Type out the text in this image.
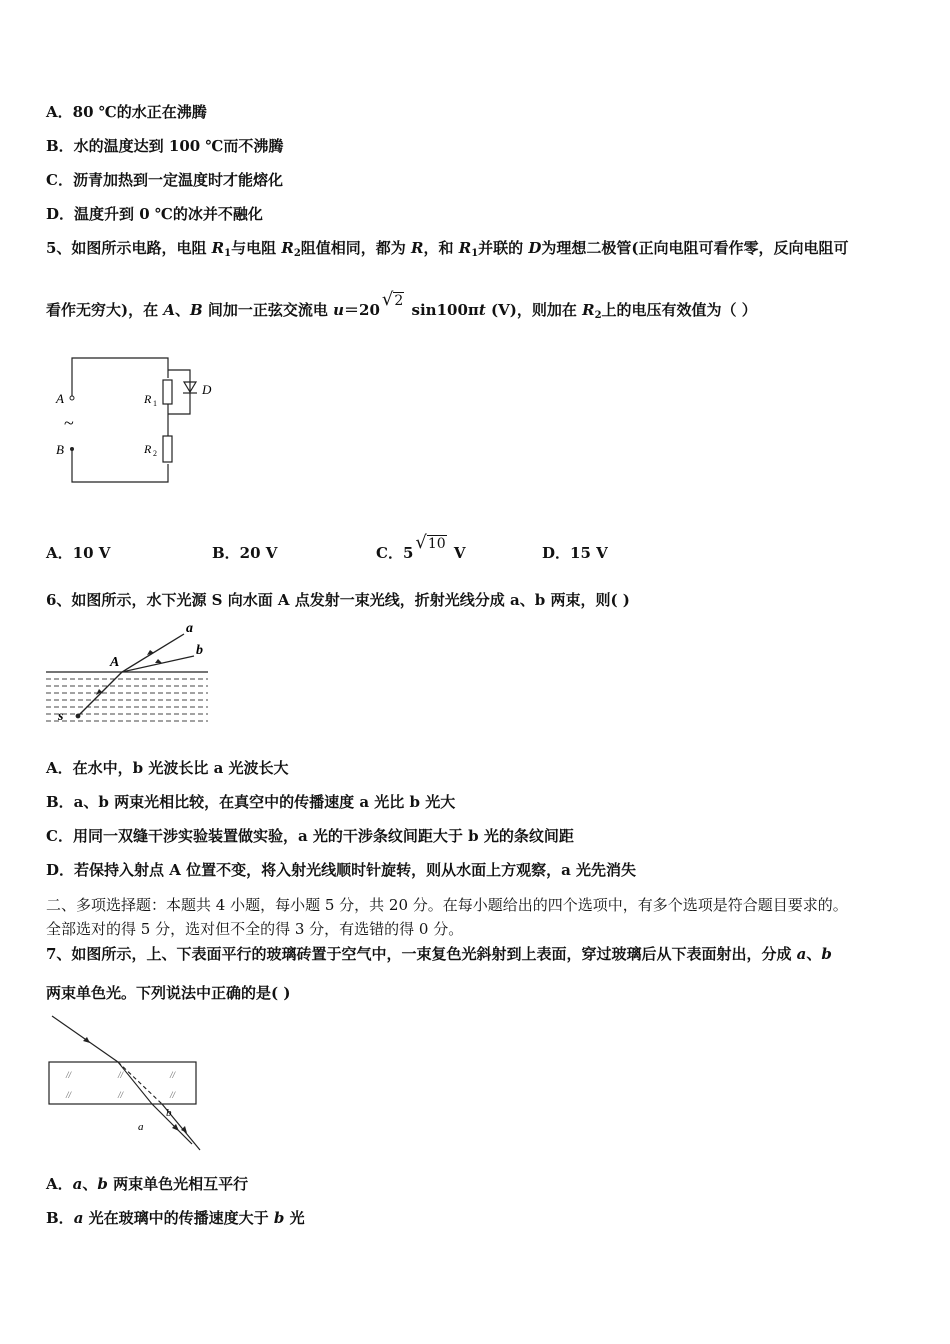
A．80 ℃的水正在沸腾
B．水的温度达到 100 ℃而不沸腾
C．沥青加热到一定温度时才能熔化
D．温度升到 0 ℃的冰并不融化
5、如图所示电路，电阻 $R_1$与电阻 $R_2$阻值相同，都为 R，和 $R_1$并联的 D为理想二极管(正向电阻可看作零，反向电阻可
看作无穷大)，在 A、B 间加一正弦交流电 u＝20 √2 sin100πt (V)，则加在 $R_2$上的电压有效值为（ ）
A
B
~
R 1
R 2
D
A．10 V	B．20 V	C．5 √10 V	D．15 V
6、如图所示，水下光源 S 向水面 A 点发射一束光线，折射光线分成 a、b 两束，则( )
a
b
A
s
A．在水中，b 光波长比 a 光波长大
B．a、b 两束光相比较，在真空中的传播速度 a 光比 b 光大
C．用同一双缝干涉实验装置做实验，a 光的干涉条纹间距大于 b 光的条纹间距
D．若保持入射点 A 位置不变，将入射光线顺时针旋转，则从水面上方观察，a 光先消失
二、多项选择题：本题共 4 小题，每小题 5 分，共 20 分。在每小题给出的四个选项中，有多个选项是符合题目要求的。
全部选对的得 5 分，选对但不全的得 3 分，有选错的得 0 分。
7、如图所示，上、下表面平行的玻璃砖置于空气中，一束复色光斜射到上表面，穿过玻璃后从下表面射出，分成 a、b
两束单色光。下列说法中正确的是( )
//
//
//
//
//
//
b
a
A．a、b 两束单色光相互平行
B．a 光在玻璃中的传播速度大于 b 光
